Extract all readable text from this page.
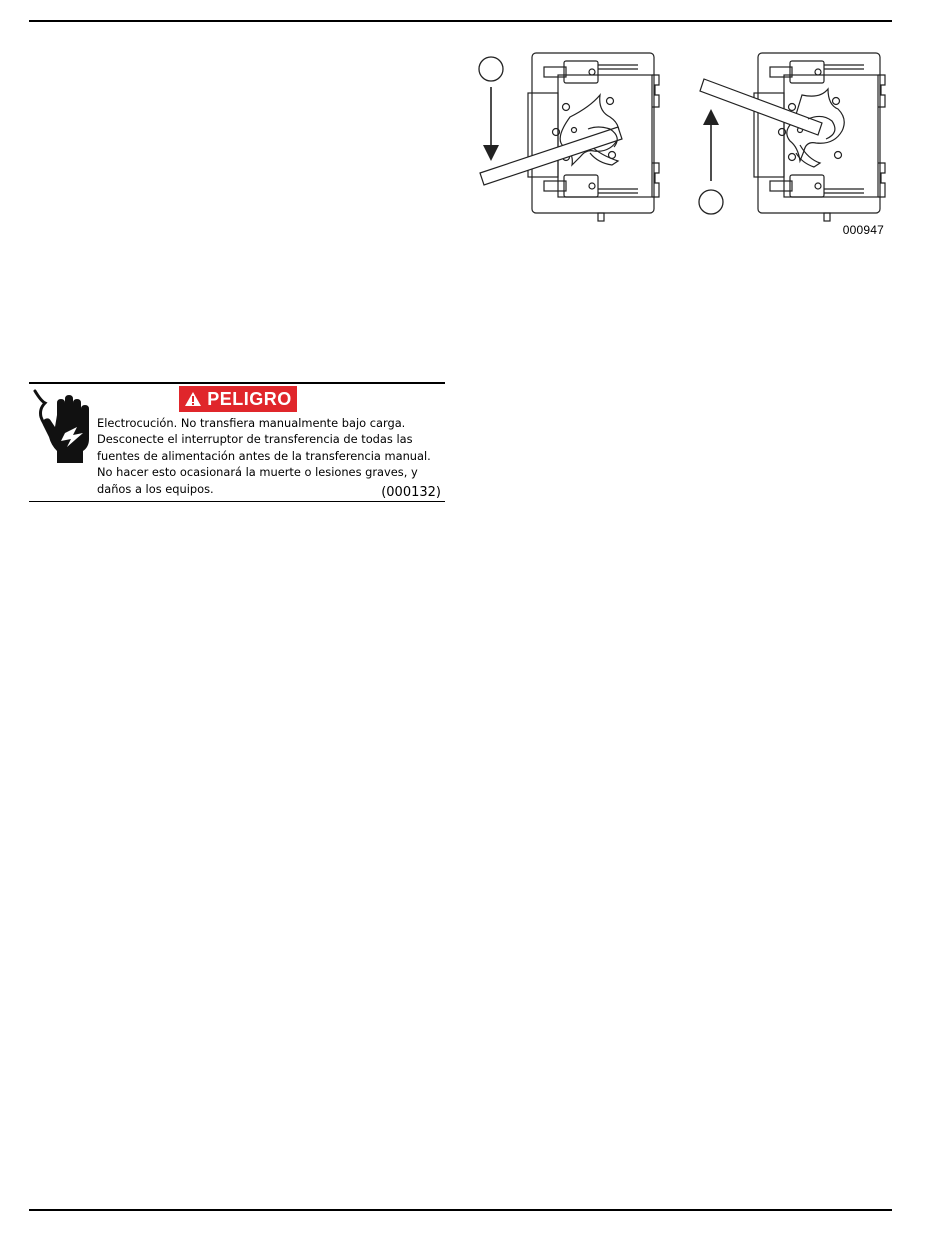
000947
PELIGRO

Electrocución. No transfiera manualmente bajo carga. Desconecte el interruptor de transferencia de todas las fuentes de alimentación antes de la transferencia manual. No hacer esto ocasionará la muerte o lesiones graves, y daños a los equipos.	(000132)
